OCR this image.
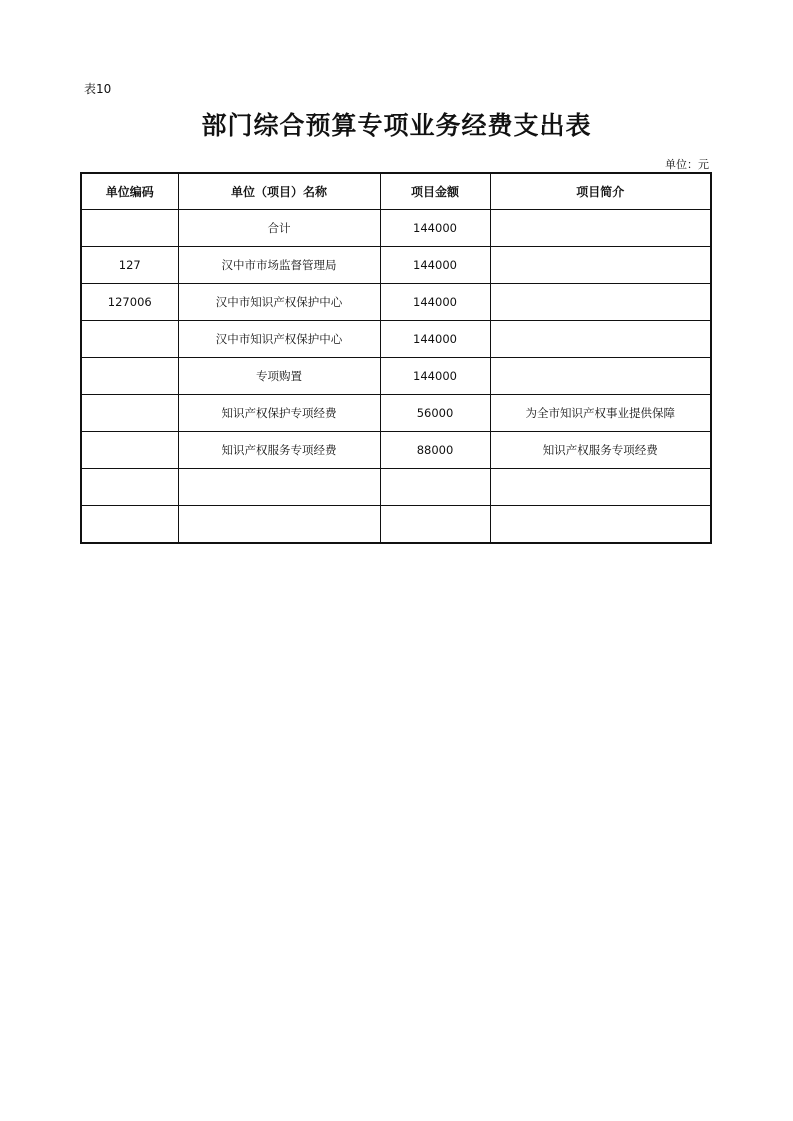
表10
部门综合预算专项业务经费支出表
单位：元
单位编码	单位（项目）名称	项目金额	项目简介
	合计	144000	
127	汉中市市场监督管理局	144000	
127006	汉中市知识产权保护中心	144000	
	汉中市知识产权保护中心	144000	
	专项购置	144000	
	知识产权保护专项经费	56000	为全市知识产权事业提供保障
	知识产权服务专项经费	88000	知识产权服务专项经费
